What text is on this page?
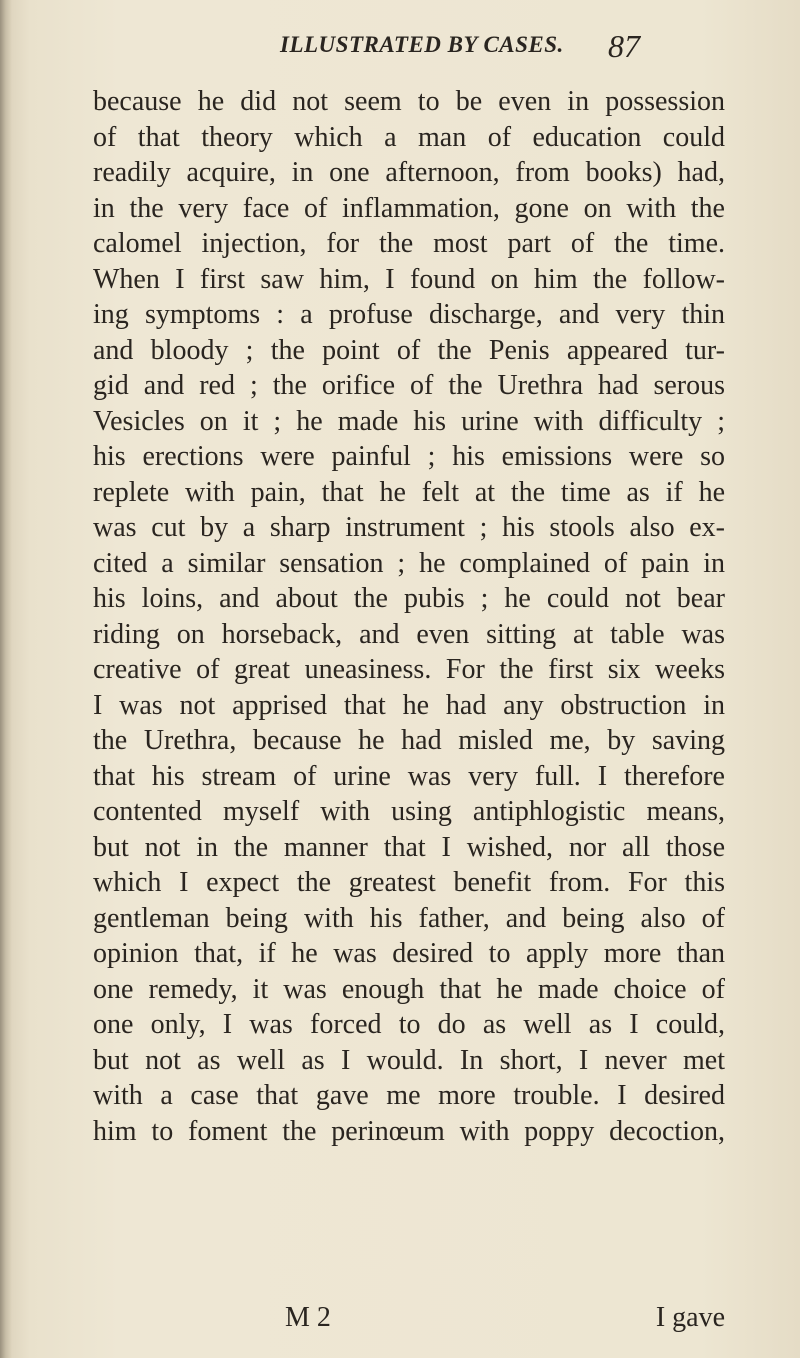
ILLUSTRATED BY CASES. 87
because he did not seem to be even in possession
of that theory which a man of education could
readily acquire, in one afternoon, from books) had,
in the very face of inflammation, gone on with the
calomel injection, for the most part of the time.
When I first saw him, I found on him the follow-
ing symptoms : a profuse discharge, and very thin
and bloody ; the point of the Penis appeared tur-
gid and red ; the orifice of the Urethra had serous
Vesicles on it ; he made his urine with difficulty ;
his erections were painful ; his emissions were so
replete with pain, that he felt at the time as if he
was cut by a sharp instrument ; his stools also ex-
cited a similar sensation ; he complained of pain in
his loins, and about the pubis ; he could not bear
riding on horseback, and even sitting at table was
creative of great uneasiness. For the first six weeks
I was not apprised that he had any obstruction in
the Urethra, because he had misled me, by saving
that his stream of urine was very full. I therefore
contented myself with using antiphlogistic means,
but not in the manner that I wished, nor all those
which I expect the greatest benefit from. For this
gentleman being with his father, and being also of
opinion that, if he was desired to apply more than
one remedy, it was enough that he made choice of
one only, I was forced to do as well as I could,
but not as well as I would. In short, I never met
with a case that gave me more trouble. I desired
him to foment the perinœum with poppy decoction,
M 2	I gave
